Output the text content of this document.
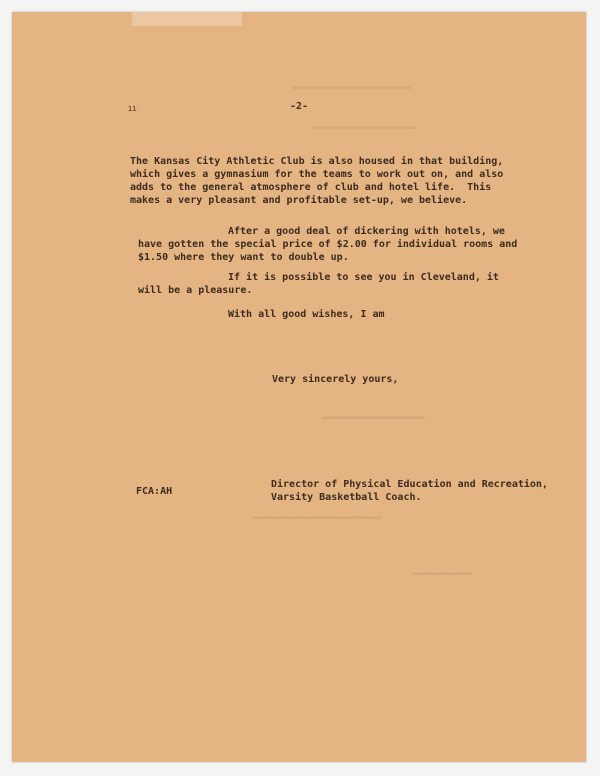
▬▬▬▬▬▬▬▬▬▬▬▬▬▬▬▬▬▬▬▬▬▬
▬▬▬▬▬▬▬▬▬▬▬▬▬▬▬▬▬▬▬
▬▬▬▬▬▬▬▬▬▬▬▬▬▬▬▬▬▬▬
▬▬▬▬▬▬▬▬▬▬▬▬▬▬▬▬▬▬▬▬▬▬▬▬
▬▬▬▬▬▬▬▬▬▬▬
11	-2-
The Kansas City Athletic Club is also housed in that building,
which gives a gymnasium for the teams to work out on, and also
adds to the general atmosphere of club and hotel life.  This
makes a very pleasant and profitable set-up, we believe.
After a good deal of dickering with hotels, we
have gotten the special price of $2.00 for individual rooms and
$1.50 where they want to double up.
If it is possible to see you in Cleveland, it
will be a pleasure.
With all good wishes, I am
Very sincerely yours,
FCA:AH
Director of Physical Education and Recreation,
Varsity Basketball Coach.
